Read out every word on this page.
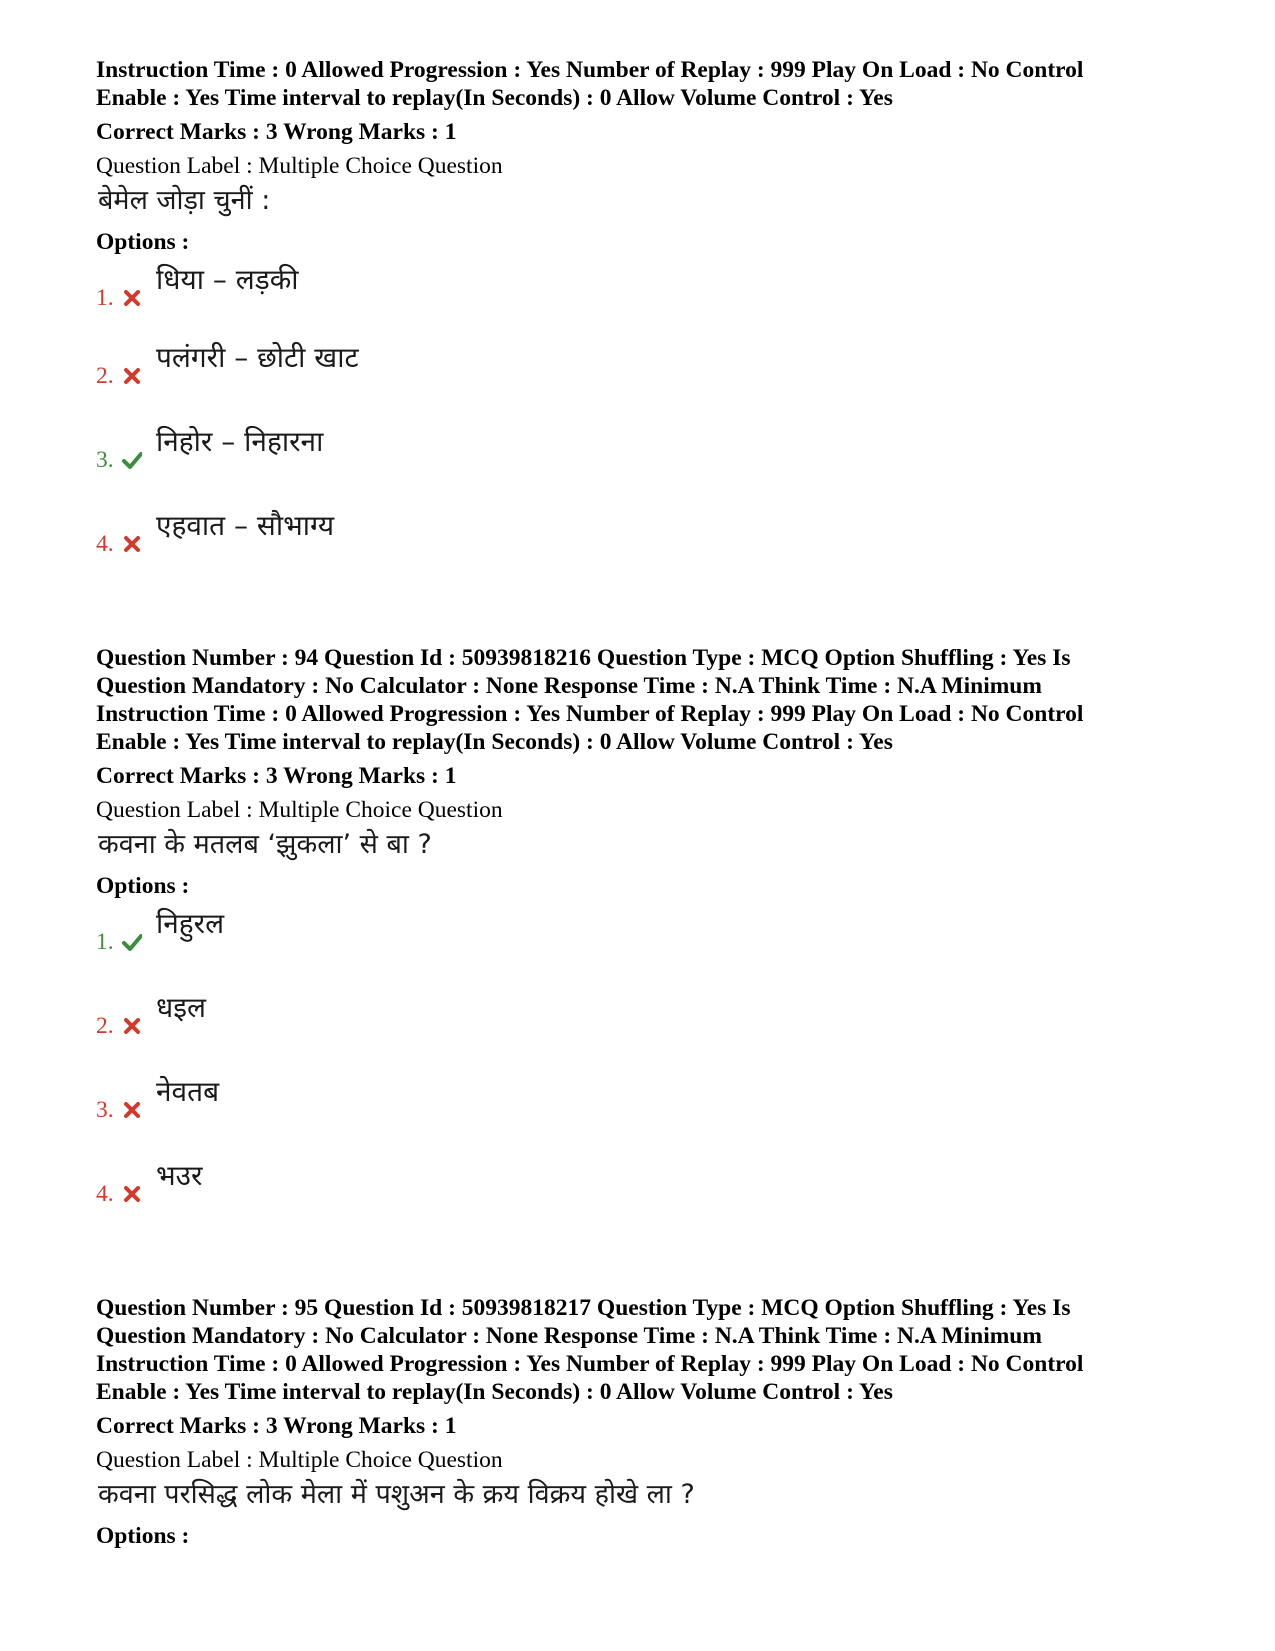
Instruction Time : 0 Allowed Progression : Yes Number of Replay : 999 Play On Load : No Control

Enable : Yes Time interval to replay(In Seconds) : 0 Allow Volume Control : Yes

Correct Marks : 3 Wrong Marks : 1

Question Label : Multiple Choice Question

बेमेल जोड़ा चुनीं :

Options :

1.
धिया – लड़की
2.
पलंगरी – छोटी खाट
3.
निहोर – निहारना
4.
एहवात – सौभाग्य

Question Number : 94 Question Id : 50939818216 Question Type : MCQ Option Shuffling : Yes Is

Question Mandatory : No Calculator : None Response Time : N.A Think Time : N.A Minimum

Instruction Time : 0 Allowed Progression : Yes Number of Replay : 999 Play On Load : No Control

Enable : Yes Time interval to replay(In Seconds) : 0 Allow Volume Control : Yes

Correct Marks : 3 Wrong Marks : 1

Question Label : Multiple Choice Question

कवना के मतलब ‘झुकला’ से बा ?

Options :

1.
निहुरल
2.
धइल
3.
नेवतब
4.
भउर

Question Number : 95 Question Id : 50939818217 Question Type : MCQ Option Shuffling : Yes Is

Question Mandatory : No Calculator : None Response Time : N.A Think Time : N.A Minimum

Instruction Time : 0 Allowed Progression : Yes Number of Replay : 999 Play On Load : No Control

Enable : Yes Time interval to replay(In Seconds) : 0 Allow Volume Control : Yes

Correct Marks : 3 Wrong Marks : 1

Question Label : Multiple Choice Question

कवना परसिद्ध लोक मेला में पशुअन के क्रय विक्रय होखे ला ?

Options :
